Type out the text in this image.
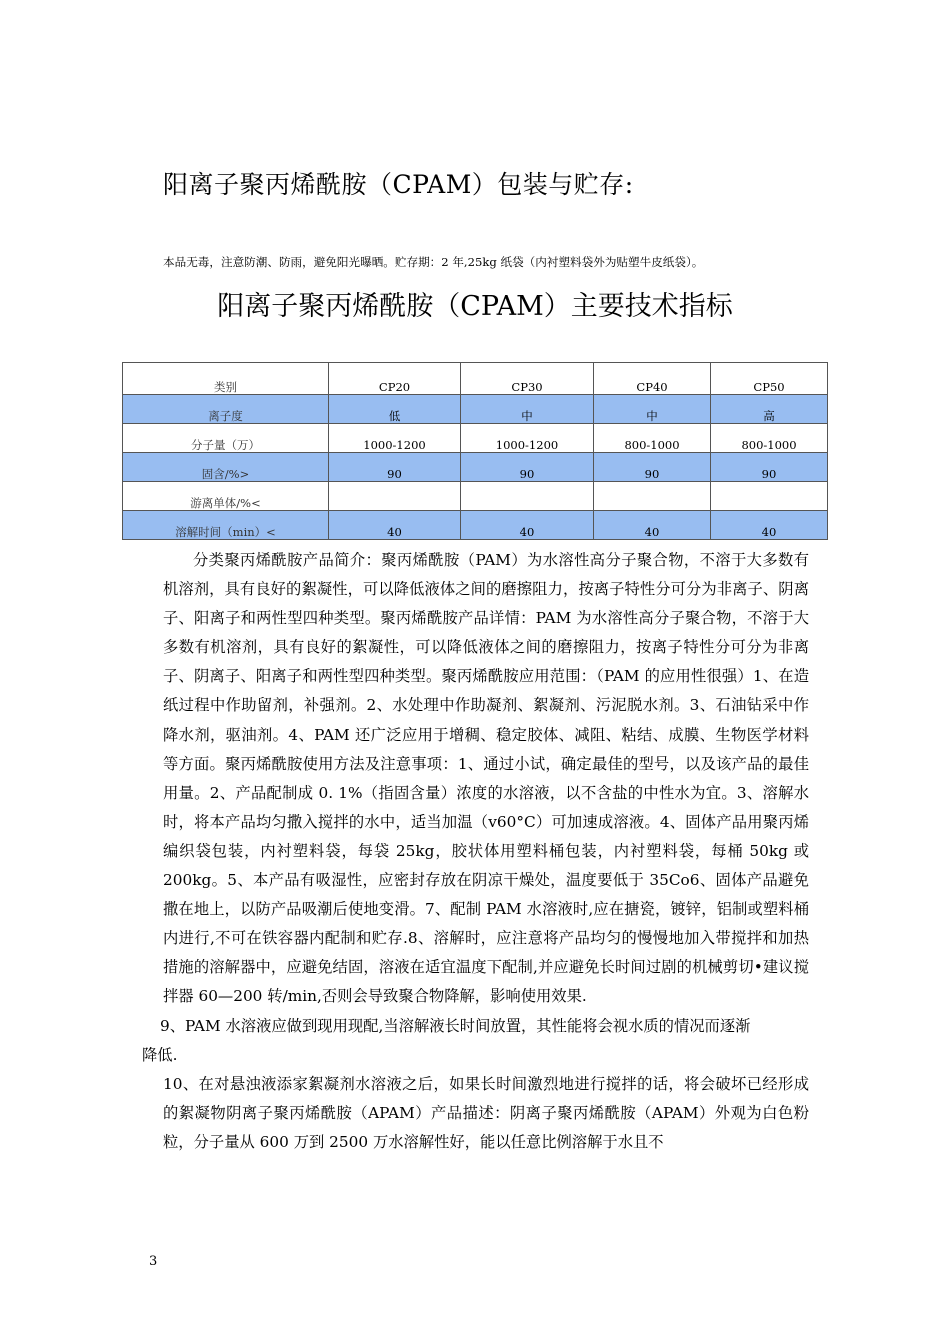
阳离子聚丙烯酰胺（CPAM）包装与贮存:
本品无毒，注意防潮、防雨，避免阳光曝晒。贮存期：2 年,25kg 纸袋（内衬塑料袋外为贴塑牛皮纸袋）。
阳离子聚丙烯酰胺（CPAM）主要技术指标
类别	CP20	CP30	CP40	CP50
离子度	低	中	中	高
分子量（万）	1000-1200	1000-1200	800-1000	800-1000
固含/%>	90	90	90	90
游离单体/%<				
溶解时间（min）<	40	40	40	40

分类聚丙烯酰胺产品简介：聚丙烯酰胺（PAM）为水溶性高分子聚合物，不溶于大多数有机溶剂，具有良好的絮凝性，可以降低液体之间的磨擦阻力，按离子特性分可分为非离子、阴离子、阳离子和两性型四种类型。聚丙烯酰胺产品详情：PAM 为水溶性高分子聚合物，不溶于大多数有机溶剂，具有良好的絮凝性，可以降低液体之间的磨擦阻力，按离子特性分可分为非离子、阴离子、阳离子和两性型四种类型。聚丙烯酰胺应用范围：（PAM 的应用性很强）1、在造纸过程中作助留剂，补强剂。2、水处理中作助凝剂、絮凝剂、污泥脱水剂。3、石油钻采中作降水剂，驱油剂。4、PAM 还广泛应用于增稠、稳定胶体、减阻、粘结、成膜、生物医学材料等方面。聚丙烯酰胺使用方法及注意事项：1、通过小试，确定最佳的型号，以及该产品的最佳用量。2、产品配制成 0. 1%（指固含量）浓度的水溶液，以不含盐的中性水为宜。3、溶解水时，将本产品均匀撒入搅拌的水中，适当加温（v60°C）可加速成溶液。4、固体产品用聚丙烯编织袋包装，内衬塑料袋，每袋 25kg，胶状体用塑料桶包装，内衬塑料袋，每桶 50kg 或 200kg。5、本产品有吸湿性，应密封存放在阴凉干燥处，温度要低于 35Co6、固体产品避免撒在地上，以防产品吸潮后使地变滑。7、配制 PAM 水溶液时,应在搪瓷，镀锌，铝制或塑料桶内进行,不可在铁容器内配制和贮存.8、溶解时，应注意将产品均匀的慢慢地加入带搅拌和加热措施的溶解器中，应避免结固，溶液在适宜温度下配制,并应避免长时间过剧的机械剪切•建议搅拌器 60—200 转/min,否则会导致聚合物降解，影响使用效果.

9、PAM 水溶液应做到现用现配,当溶解液长时间放置，其性能将会视水质的情况而逐渐

降低.

10、在对悬浊液添家絮凝剂水溶液之后，如果长时间激烈地进行搅拌的话，将会破坏已经形成的絮凝物阴离子聚丙烯酰胺（APAM）产品描述：阴离子聚丙烯酰胺（APAM）外观为白色粉粒，分子量从 600 万到 2500 万水溶解性好，能以任意比例溶解于水且不

3
